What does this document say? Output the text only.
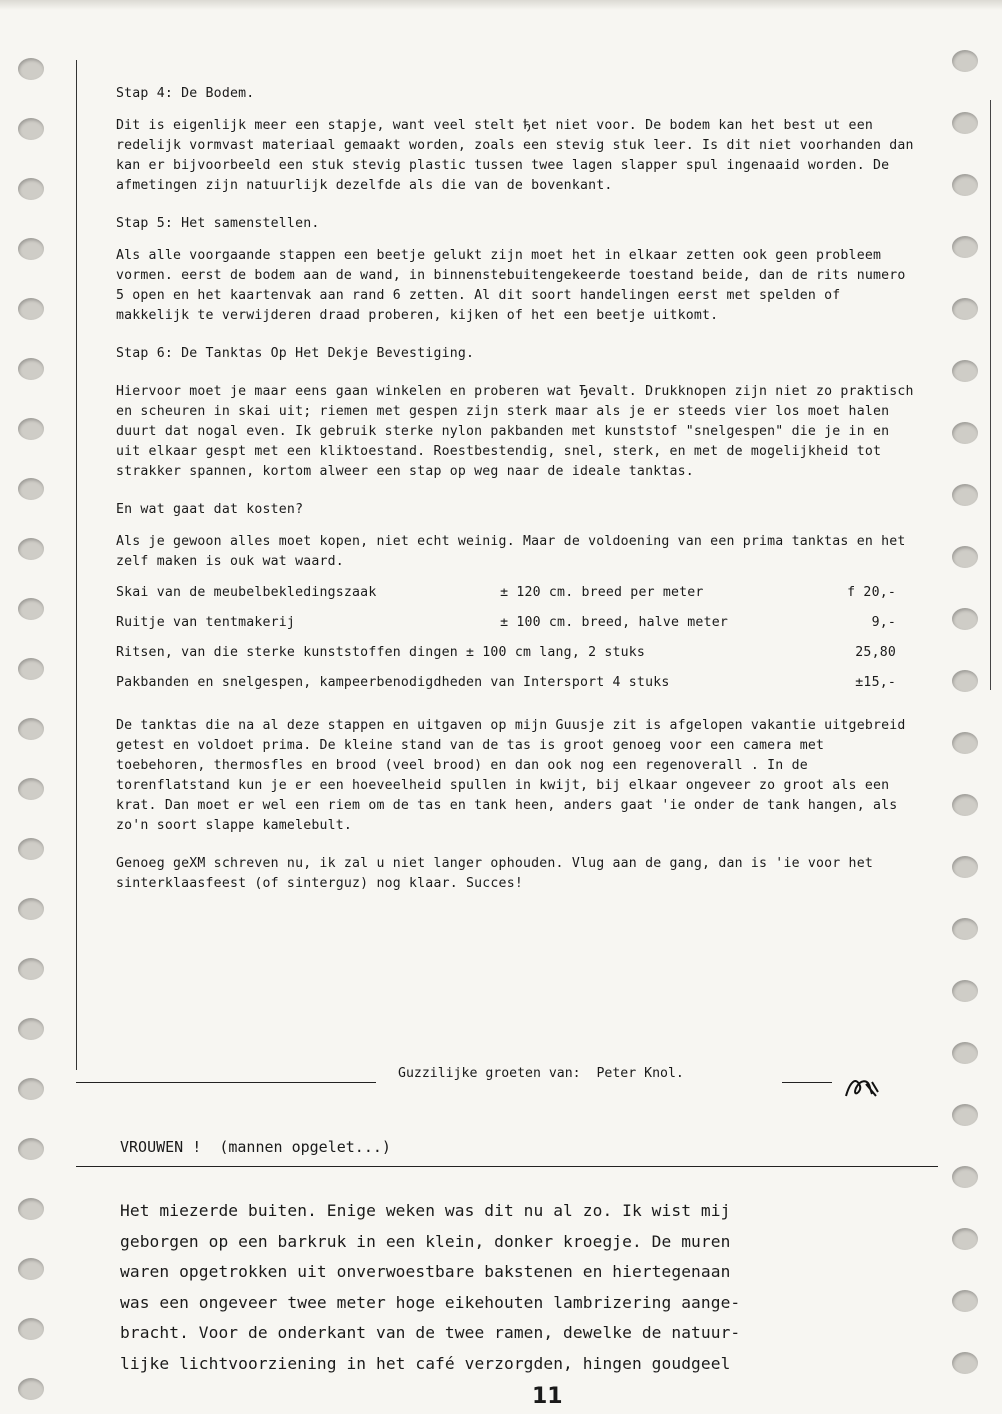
Stap 4: De Bodem.

Dit is eigenlijk meer een stapje, want veel stelt ђet niet voor. De bodem kan het best ut een redelijk vormvast materiaal gemaakt worden, zoals een stevig stuk leer. Is dit niet voorhanden dan kan er bijvoorbeeld een stuk stevig plastic tussen twee lagen slapper spul ingenaaid worden. De afmetingen zijn natuurlijk dezelfde als die van de bovenkant.

Stap 5: Het samenstellen.

Als alle voorgaande stappen een beetje gelukt zijn moet het in elkaar zetten ook geen probleem vormen. eerst de bodem aan de wand, in binnenstebuitengekeerde toestand beide, dan de rits numero 5 open en het kaartenvak aan rand 6 zetten. Al dit soort handelingen eerst met spelden of makkelijk te verwijderen draad proberen, kijken of het een beetje uitkomt.

Stap 6: De Tanktas Op Het Dekje Bevestiging.

Hiervoor moet je maar eens gaan winkelen en proberen wat Ђevalt. Drukknopen zijn niet zo praktisch en scheuren in skai uit; riemen met gespen zijn sterk maar als je er steeds vier los moet halen duurt dat nogal even. Ik gebruik sterke nylon pakbanden met kunststof "snelgespen" die je in en uit elkaar gespt met een kliktoestand. Roestbestendig, snel, sterk, en met de mogelijkheid tot strakker spannen, kortom alweer een stap op weg naar de ideale tanktas.

En wat gaat dat kosten?

Als je gewoon alles moet kopen, niet echt weinig. Maar de voldoening van een prima tanktas en het zelf maken is ouk wat waard.

Skai van de meubelbekledingszaak	± 120 cm. breed per meter	f 20,-
Ruitje van tentmakerij	± 100 cm. breed, halve meter	9,-
Ritsen, van die sterke kunststoffen dingen ± 100 cm lang, 2 stuks		25,80
Pakbanden en snelgespen, kampeerbenodigdheden van Intersport 4 stuks		±15,-

De tanktas die na al deze stappen en uitgaven op mijn Guusje zit is afgelopen vakantie uitgebreid getest en voldoet prima. De kleine stand van de tas is groot genoeg voor een camera met toebehoren, thermosfles en brood (veel brood) en dan ook nog een regenoverall . In de torenflatstand kun je er een hoeveelheid spullen in kwijt, bij elkaar ongeveer zo groot als een krat. Dan moet er wel een riem om de tas en tank heen, anders gaat 'ie onder de tank hangen, als zo'n soort slappe kamelebult.

Genoeg geXM schreven nu, ik zal u niet langer ophouden. Vlug aan de gang, dan is 'ie voor het sinterklaasfeest (of sinterguz) nog klaar. Succes!

Guzzilijke groeten van:  Peter Knol.
VROUWEN !  (mannen opgelet...)

Het miezerde buiten. Enige weken was dit nu al zo. Ik wist mij

geborgen op een barkruk in een klein, donker kroegje. De muren

waren opgetrokken uit onverwoestbare bakstenen en hiertegenaan

was een ongeveer twee meter hoge eikehouten lambrizering aange-

bracht. Voor de onderkant van de twee ramen, dewelke de natuur-

lijke lichtvoorziening in het café verzorgden, hingen goudgeel

11
